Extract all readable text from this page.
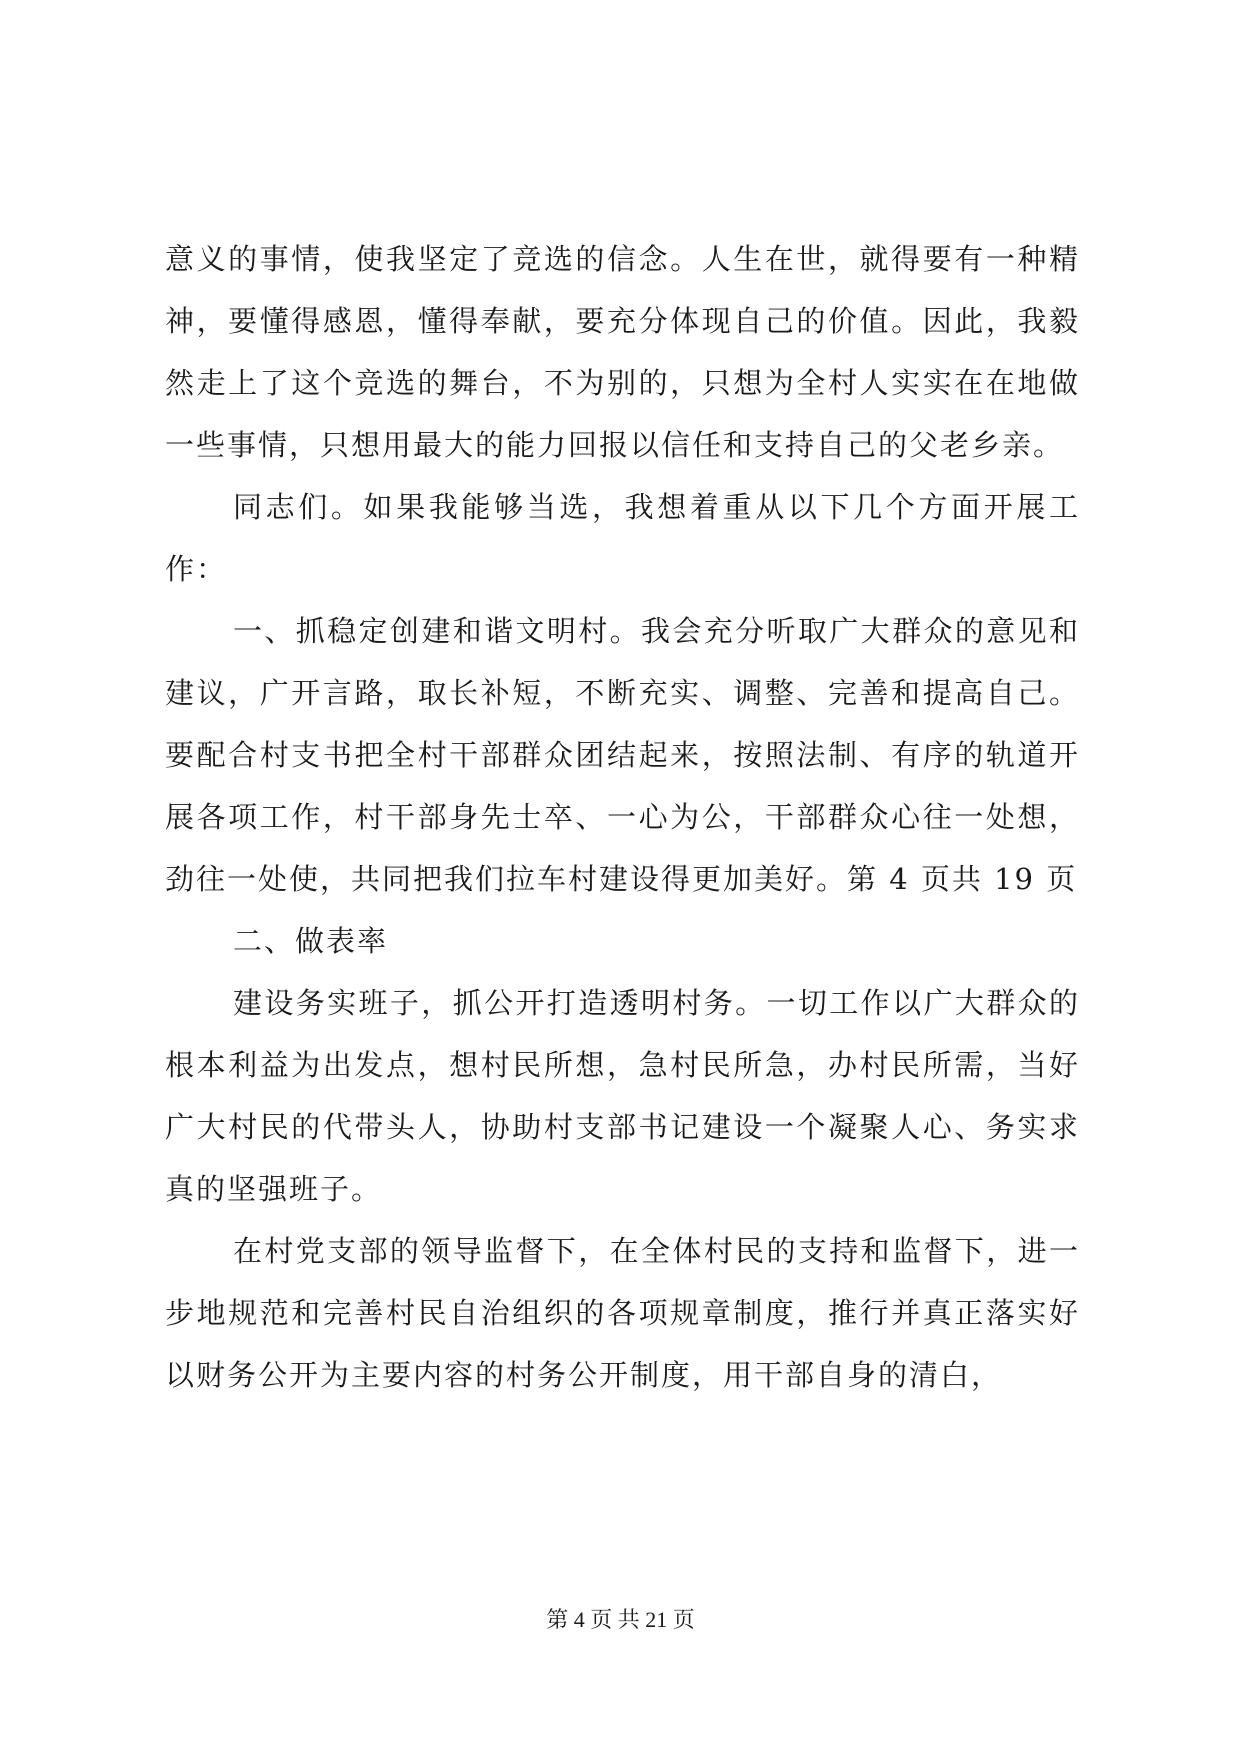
意义的事情，使我坚定了竞选的信念。人生在世，就得要有一种精神，要懂得感恩，懂得奉献，要充分体现自己的价值。因此，我毅然走上了这个竞选的舞台，不为别的，只想为全村人实实在在地做一些事情，只想用最大的能力回报以信任和支持自己的父老乡亲。

同志们。如果我能够当选，我想着重从以下几个方面开展工作：

一、抓稳定创建和谐文明村。我会充分听取广大群众的意见和建议，广开言路，取长补短，不断充实、调整、完善和提高自己。要配合村支书把全村干部群众团结起来，按照法制、有序的轨道开展各项工作，村干部身先士卒、一心为公，干部群众心往一处想，劲往一处使，共同把我们拉车村建设得更加美好。第 4 页共 19 页

二、做表率

建设务实班子，抓公开打造透明村务。一切工作以广大群众的根本利益为出发点，想村民所想，急村民所急，办村民所需，当好广大村民的代带头人，协助村支部书记建设一个凝聚人心、务实求真的坚强班子。

在村党支部的领导监督下，在全体村民的支持和监督下，进一步地规范和完善村民自治组织的各项规章制度，推行并真正落实好以财务公开为主要内容的村务公开制度，用干部自身的清白，

第 4 页 共 21 页
